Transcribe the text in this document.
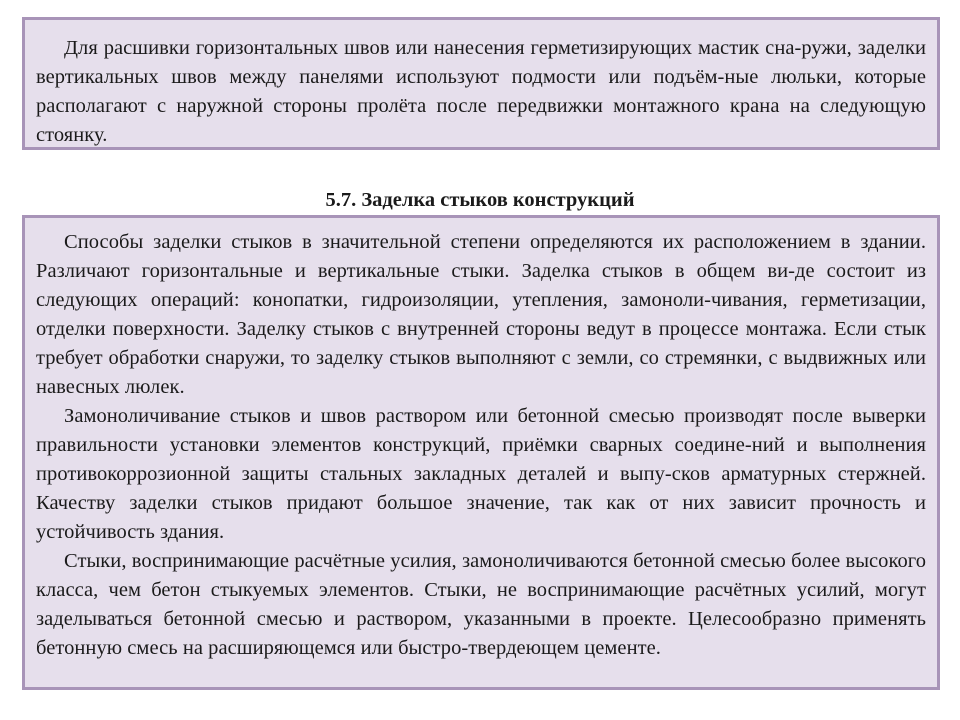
Для расшивки горизонтальных швов или нанесения герметизирующих мастик сна-ружи, заделки вертикальных швов между панелями используют подмости или подъём-ные люльки, которые располагают с наружной стороны пролёта после передвижки монтажного крана на следующую стоянку.

5.7. Заделка стыков конструкций

Способы заделки стыков в значительной степени определяются их расположением в здании. Различают горизонтальные и вертикальные стыки. Заделка стыков в общем ви-де состоит из следующих операций: конопатки, гидроизоляции, утепления, замоноли-чивания, герметизации, отделки поверхности. Заделку стыков с внутренней стороны ведут в процессе монтажа. Если стык требует обработки снаружи, то заделку стыков выполняют с земли, со стремянки, с выдвижных или навесных люлек.

Замоноличивание стыков и швов раствором или бетонной смесью производят после выверки правильности установки элементов конструкций, приёмки сварных соедине-ний и выполнения противокоррозионной защиты стальных закладных деталей и выпу-сков арматурных стержней. Качеству заделки стыков придают большое значение, так как от них зависит прочность и устойчивость здания.

Стыки, воспринимающие расчётные усилия, замоноличиваются бетонной смесью более высокого класса, чем бетон стыкуемых элементов. Стыки, не воспринимающие расчётных усилий, могут заделываться бетонной смесью и раствором, указанными в проекте. Целесообразно применять бетонную смесь на расширяющемся или быстро-твердеющем цементе.
